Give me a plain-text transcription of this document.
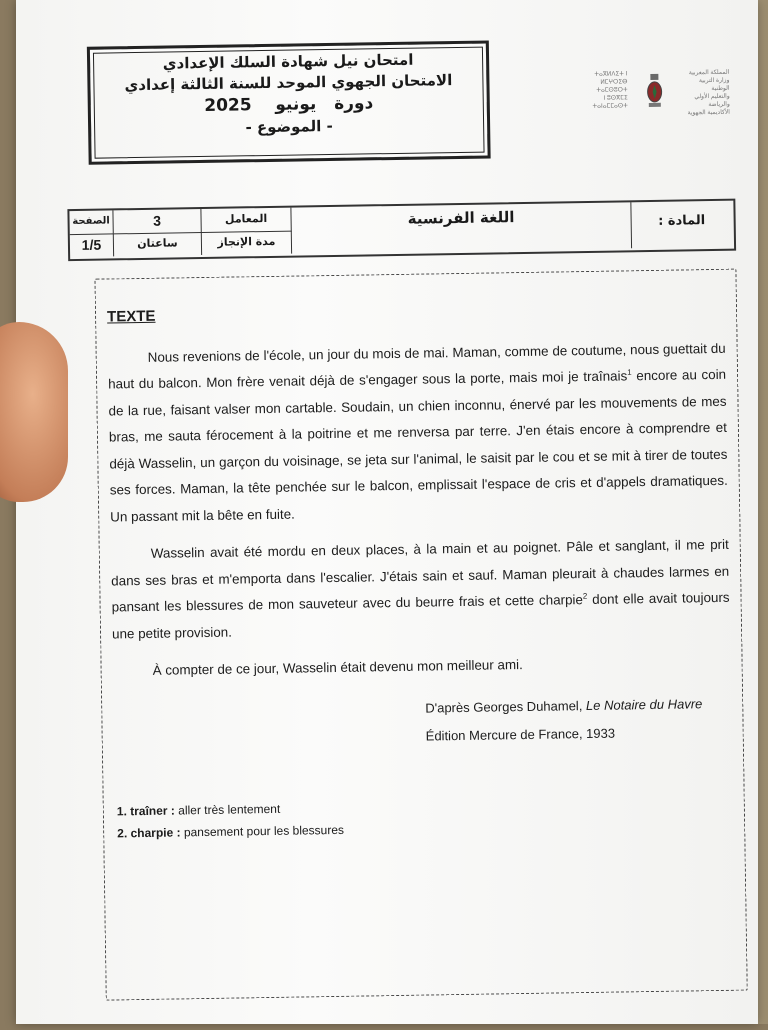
امتحان نيل شهادة السلك الإعدادي
الامتحان الجهوي الموحد للسنة الثالثة إعدادي
دورة   يونيو    2025
- الموضوع -
ⵜⴰⴳⵍⴷⵉⵜ ⵏ ⵍⵎⵖⵔⵉⴱ
ⵜⴰⵎⵙⵓⵔⵜ
ⵏ ⵓⵙⴳⵎⵉ
ⵜⴰⵏⴰⵎⵎⴰⵙⵜ
المملكة المغربية
وزارة التربية الوطنية
والتعليم الأولي والرياضة
الأكاديمية الجهوية
الصفحة
1/5
3
ساعتان
المعامل
مدة الإنجاز
اللغة الفرنسية	المادة :
TEXTE

Nous revenions de l'école, un jour du mois de mai. Maman, comme de coutume, nous guettait du haut du balcon. Mon frère venait déjà de s'engager sous la porte, mais moi je traînais$^1$ encore au coin de la rue, faisant valser mon cartable. Soudain, un chien inconnu, énervé par les mouvements de mes bras, me sauta férocement à la poitrine et me renversa par terre. J'en étais encore à comprendre et déjà Wasselin, un garçon du voisinage, se jeta sur l'animal, le saisit par le cou et se mit à tirer de toutes ses forces. Maman, la tête penchée sur le balcon, emplissait l'espace de cris et d'appels dramatiques. Un passant mit la bête en fuite.

Wasselin avait été mordu en deux places, à la main et au poignet. Pâle et sanglant, il me prit dans ses bras et m'emporta dans l'escalier. J'étais sain et sauf. Maman pleurait à chaudes larmes en pansant les blessures de mon sauveteur avec du beurre frais et cette charpie$^2$ dont elle avait toujours une petite provision.

À compter de ce jour, Wasselin était devenu mon meilleur ami.

D'après Georges Duhamel, Le Notaire du Havre
Édition Mercure de France, 1933
1. traîner : aller très lentement
2. charpie : pansement pour les blessures
